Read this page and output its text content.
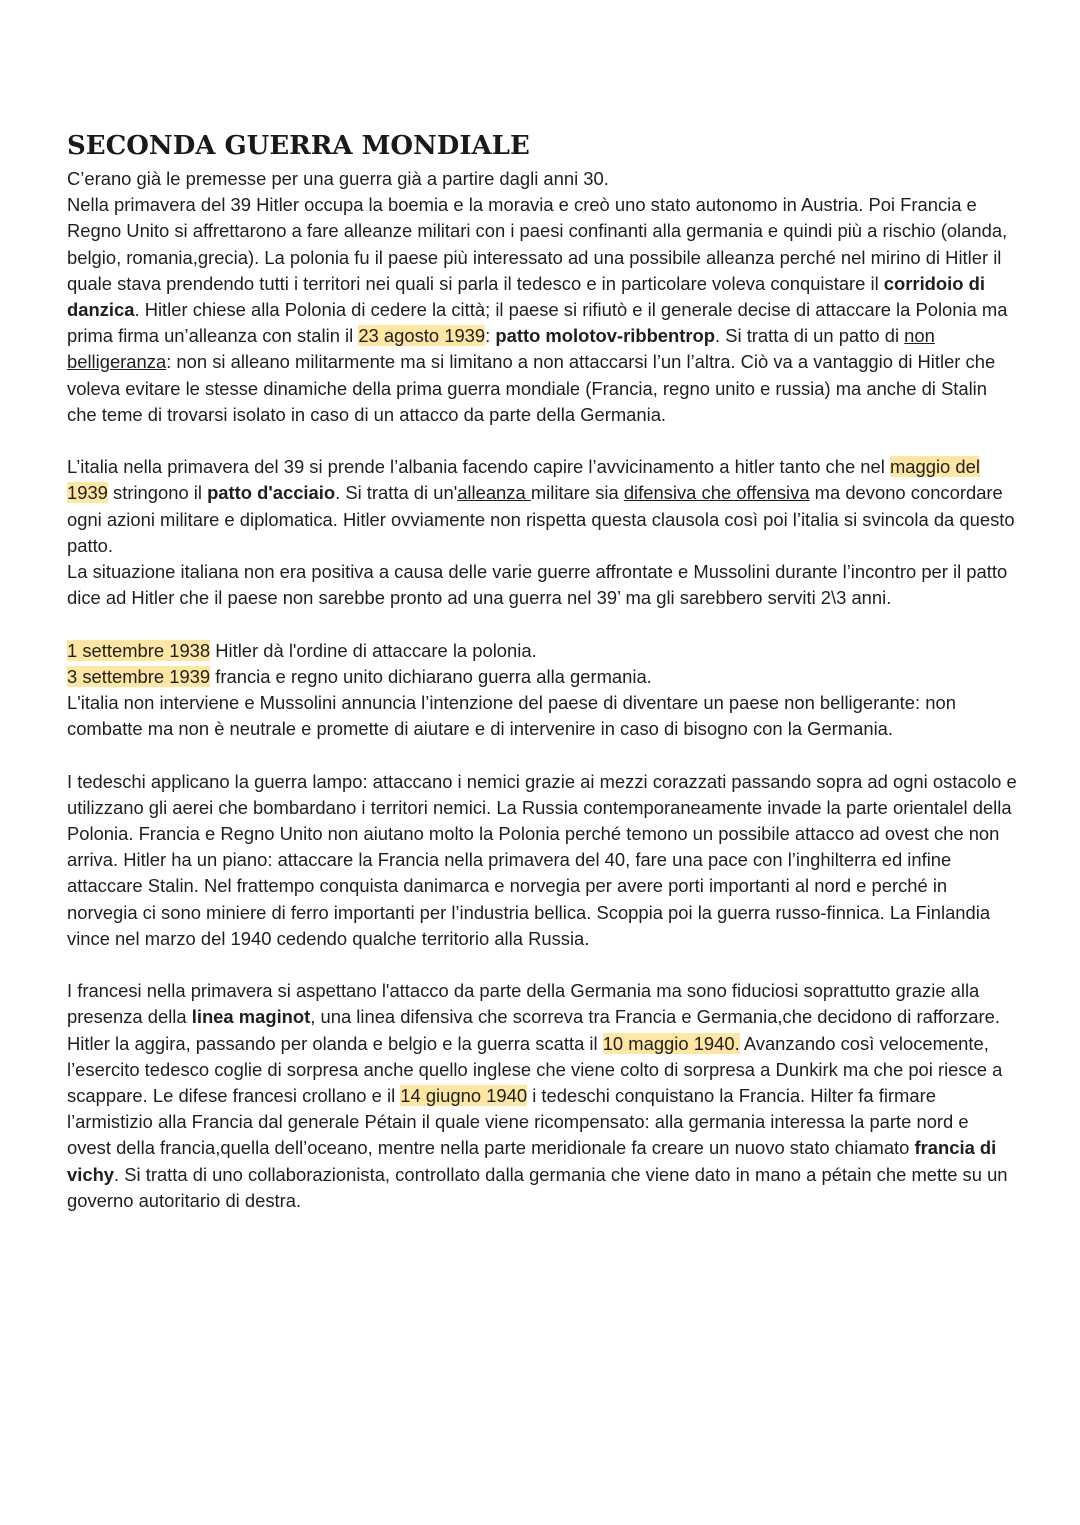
SECONDA GUERRA MONDIALE

C’erano già le premesse per una guerra già a partire dagli anni 30.

Nella primavera del 39 Hitler occupa la boemia e la moravia e creò uno stato autonomo in Austria. Poi Francia e Regno Unito si affrettarono a fare alleanze militari con i paesi confinanti alla germania e quindi più a rischio (olanda, belgio, romania,grecia). La polonia fu il paese più interessato ad una possibile alleanza perché nel mirino di Hitler il quale stava prendendo tutti i territori nei quali si parla il tedesco e in particolare voleva conquistare il corridoio di danzica. Hitler chiese alla Polonia di cedere la città; il paese si rifiutò e il generale decise di attaccare la Polonia ma prima firma un’alleanza con stalin il 23 agosto 1939: patto molotov-ribbentrop. Si tratta di un patto di non belligeranza: non si alleano militarmente ma si limitano a non attaccarsi l’un l’altra. Ciò va a vantaggio di Hitler che voleva evitare le stesse dinamiche della prima guerra mondiale (Francia, regno unito e russia) ma anche di Stalin che teme di trovarsi isolato in caso di un attacco da parte della Germania.

L’italia nella primavera del 39 si prende l’albania facendo capire l’avvicinamento a hitler tanto che nel maggio del 1939 stringono il patto d'acciaio. Si tratta di un'alleanza militare sia difensiva che offensiva ma devono concordare ogni azioni militare e diplomatica. Hitler ovviamente non rispetta questa clausola così poi l’italia si svincola da questo patto.

La situazione italiana non era positiva a causa delle varie guerre affrontate e Mussolini durante l’incontro per il patto dice ad Hitler che il paese non sarebbe pronto ad una guerra nel 39’ ma gli sarebbero serviti 2\3 anni.

1 settembre 1938 Hitler dà l'ordine di attaccare la polonia.

3 settembre 1939 francia e regno unito dichiarano guerra alla germania.

L'italia non interviene e Mussolini annuncia l’intenzione del paese di diventare un paese non belligerante: non combatte ma non è neutrale e promette di aiutare e di intervenire in caso di bisogno con la Germania.

I tedeschi applicano la guerra lampo: attaccano i nemici grazie ai mezzi corazzati passando sopra ad ogni ostacolo e utilizzano gli aerei che bombardano i territori nemici. La Russia contemporaneamente invade la parte orientalel della Polonia. Francia e Regno Unito non aiutano molto la Polonia perché temono un possibile attacco ad ovest che non arriva. Hitler ha un piano: attaccare la Francia nella primavera del 40, fare una pace con l’inghilterra ed infine attaccare Stalin. Nel frattempo conquista danimarca e norvegia per avere porti importanti al nord e perché in norvegia ci sono miniere di ferro importanti per l’industria bellica. Scoppia poi la guerra russo-finnica. La Finlandia vince nel marzo del 1940 cedendo qualche territorio alla Russia.

I francesi nella primavera si aspettano l'attacco da parte della Germania ma sono fiduciosi soprattutto grazie alla presenza della linea maginot, una linea difensiva che scorreva tra Francia e Germania,che decidono di rafforzare. Hitler la aggira, passando per olanda e belgio e la guerra scatta il 10 maggio 1940. Avanzando così velocemente, l’esercito tedesco coglie di sorpresa anche quello inglese che viene colto di sorpresa a Dunkirk ma che poi riesce a scappare. Le difese francesi crollano e il 14 giugno 1940 i tedeschi conquistano la Francia. Hilter fa firmare l’armistizio alla Francia dal generale Pétain il quale viene ricompensato: alla germania interessa la parte nord e ovest della francia,quella dell’oceano, mentre nella parte meridionale fa creare un nuovo stato chiamato francia di vichy. Si tratta di uno collaborazionista, controllato dalla germania che viene dato in mano a pétain che mette su un governo autoritario di destra.
